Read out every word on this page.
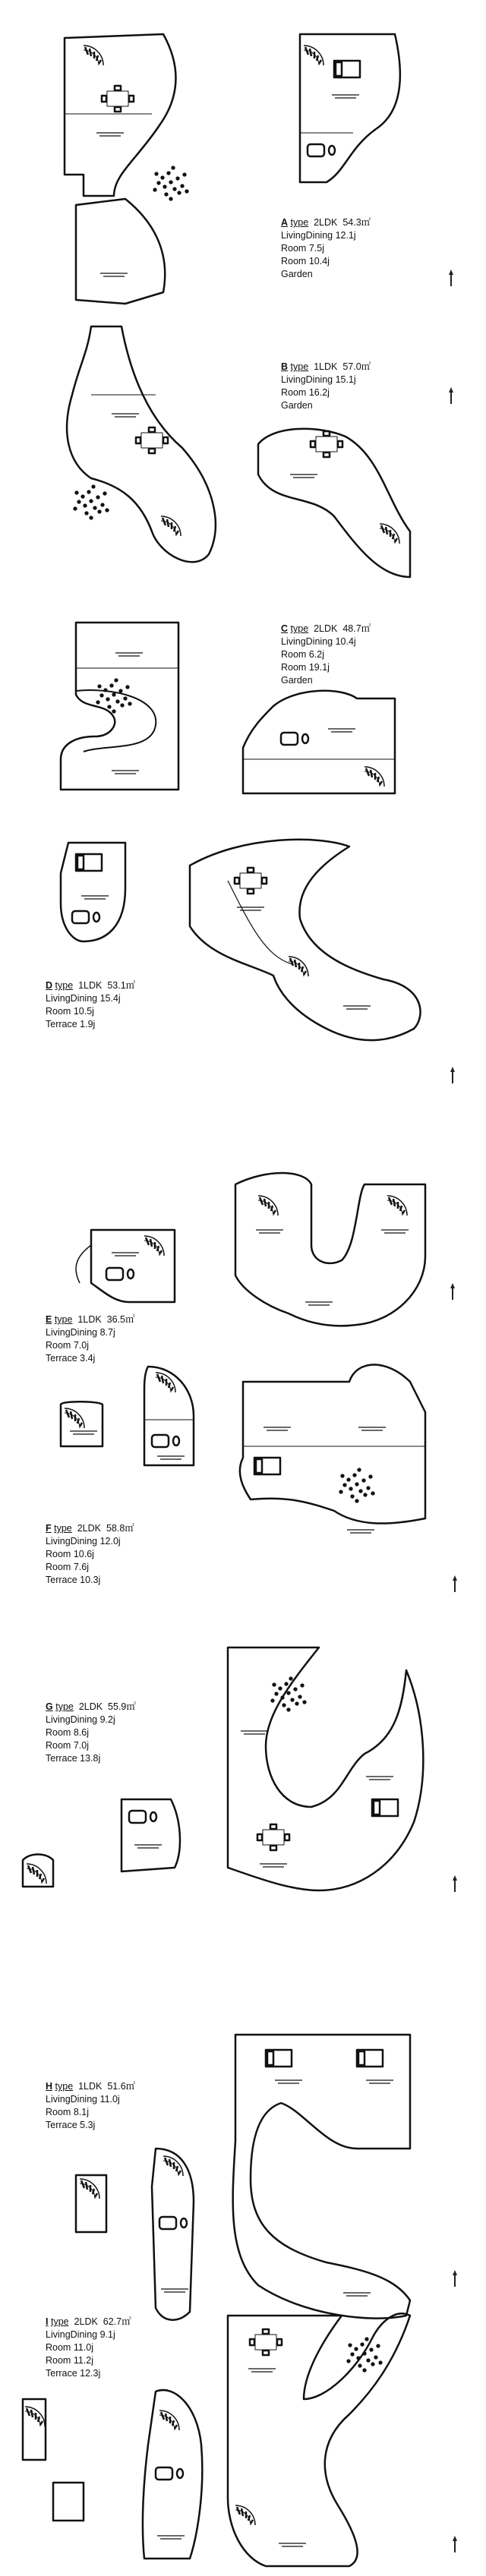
A type 2LDK 54.3㎡
LivingDining 12.1j
Room 7.5j
Room 10.4j
Garden
B type 1LDK 57.0㎡
LivingDining 15.1j
Room 16.2j
Garden
C type 2LDK 48.7㎡
LivingDining 10.4j
Room 6.2j
Room 19.1j
Garden
D type 1LDK 53.1㎡
LivingDining 15.4j
Room 10.5j
Terrace 1.9j
E type 1LDK 36.5㎡
LivingDining 8.7j
Room 7.0j
Terrace 3.4j
F type 2LDK 58.8㎡
LivingDining 12.0j
Room 10.6j
Room 7.6j
Terrace 10.3j
G type 2LDK 55.9㎡
LivingDining 9.2j
Room 8.6j
Room 7.0j
Terrace 13.8j
H type 1LDK 51.6㎡
LivingDining 11.0j
Room 8.1j
Terrace 5.3j
I type 2LDK 62.7㎡
LivingDining 9.1j
Room 11.0j
Room 11.2j
Terrace 12.3j
